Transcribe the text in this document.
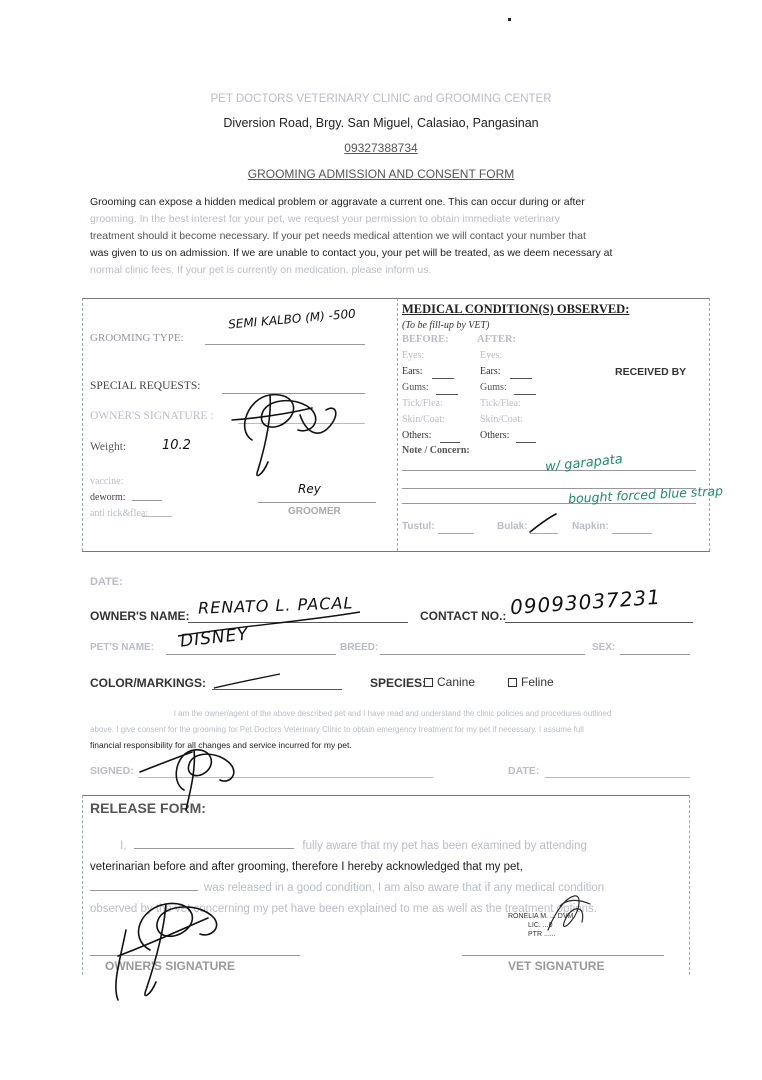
PET DOCTORS VETERINARY CLINIC and GROOMING CENTER
Diversion Road, Brgy. San Miguel, Calasiao, Pangasinan
09327388734
GROOMING ADMISSION AND CONSENT FORM
Grooming can expose a hidden medical problem or aggravate a current one. This can occur during or after
grooming. In the best interest for your pet, we request your permission to obtain immediate veterinary
treatment should it become necessary. If your pet needs medical attention we will contact your number that
was given to us on admission. If we are unable to contact you, your pet will be treated, as we deem necessary at
normal clinic fees. If your pet is currently on medication, please inform us.
GROOMING TYPE:
SEMI KALBO (M) -500
SPECIAL REQUESTS:
OWNER'S SIGNATURE :
Weight:	10.2
vaccine:
deworm:
anti tick&flea:
Rey
GROOMER
MEDICAL CONDITION(S) OBSERVED:
(To be fill-up by VET)
BEFORE:	AFTER:
Eyes:	Eyes:
Ears:	Ears:
Gums:	Gums:
Tick/Flea:	Tick/Flea:
Skin/Coat:	Skin/Coat:
Others:	Others:
RECEIVED BY
Note / Concern:
w/ garapata
bought forced blue strap
Tustul:	Bulak:	Napkin:
DATE:
OWNER'S NAME: RENATO L. PACAL	CONTACT NO.: 09093037231
PET'S NAME: DISNEY	BREED:	SEX:
COLOR/MARKINGS:	SPECIES: Canine	Feline
I am the owner/agent of the above described pet and I have read and understand the clinic policies and procedures outlined
above. I give consent for the grooming for Pet Doctors Veterinary Clinic to obtain emergency treatment for my pet if necessary. I assume full
financial responsibility for all changes and service incurred for my pet.
SIGNED:	DATE:
RELEASE FORM:
I,	fully aware that my pet has been examined by attending
veterinarian before and after grooming, therefore I hereby acknowledged that my pet,
was released in a good condition, I am also aware that if any medical condition
observed by the vet concerning my pet have been explained to me as well as the treatment options.
RONELIA M. ... DVM
LIC. ...0
PTR ......
OWNER'S SIGNATURE	VET SIGNATURE
